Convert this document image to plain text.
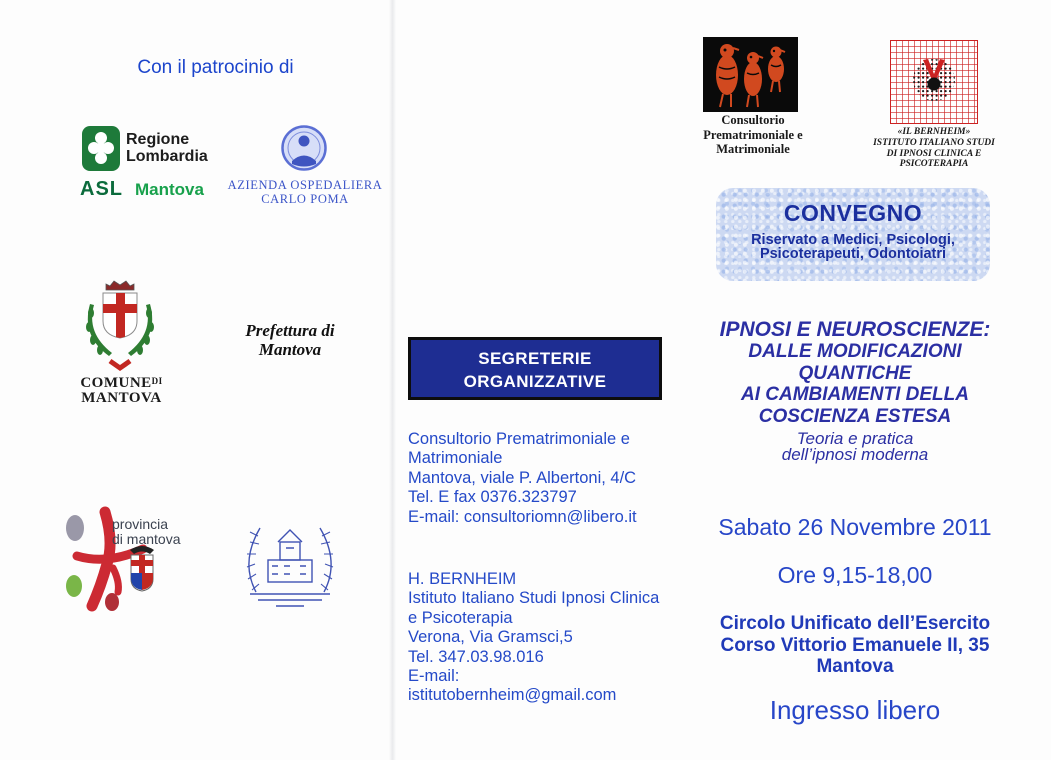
Con il patrocinio di
Regione
Lombardia
ASL Mantova AZIENDA OSPEDALIERA
CARLO POMA
$COMUNE^{DI}$
MANTOVA
Prefettura di
Mantova
provincia
di mantova
SEGRETERIE
ORGANIZZATIVE
Consultorio Prematrimoniale e
Matrimoniale
Mantova, viale P. Albertoni, 4/C
Tel. E fax 0376.323797
E-mail: consultoriomn@libero.it
H. BERNHEIM
Istituto Italiano Studi Ipnosi Clinica
e Psicoterapia
Verona, Via Gramsci,5
Tel. 347.03.98.016
E-mail:
istitutobernheim@gmail.com
Consultorio
Prematrimoniale e
Matrimoniale
«IL BERNHEIM»
ISTITUTO ITALIANO STUDI
DI IPNOSI CLINICA E
PSICOTERAPIA
CONVEGNO
Riservato a Medici, Psicologi,
Psicoterapeuti, Odontoiatri
IPNOSI E NEUROSCIENZE:
DALLE MODIFICAZIONI
QUANTICHE
AI CAMBIAMENTI DELLA
COSCIENZA ESTESA
Teoria e pratica
dell’ipnosi moderna
Sabato 26 Novembre 2011
Ore 9,15-18,00
Circolo Unificato dell’Esercito
Corso Vittorio Emanuele II, 35
Mantova
Ingresso libero
